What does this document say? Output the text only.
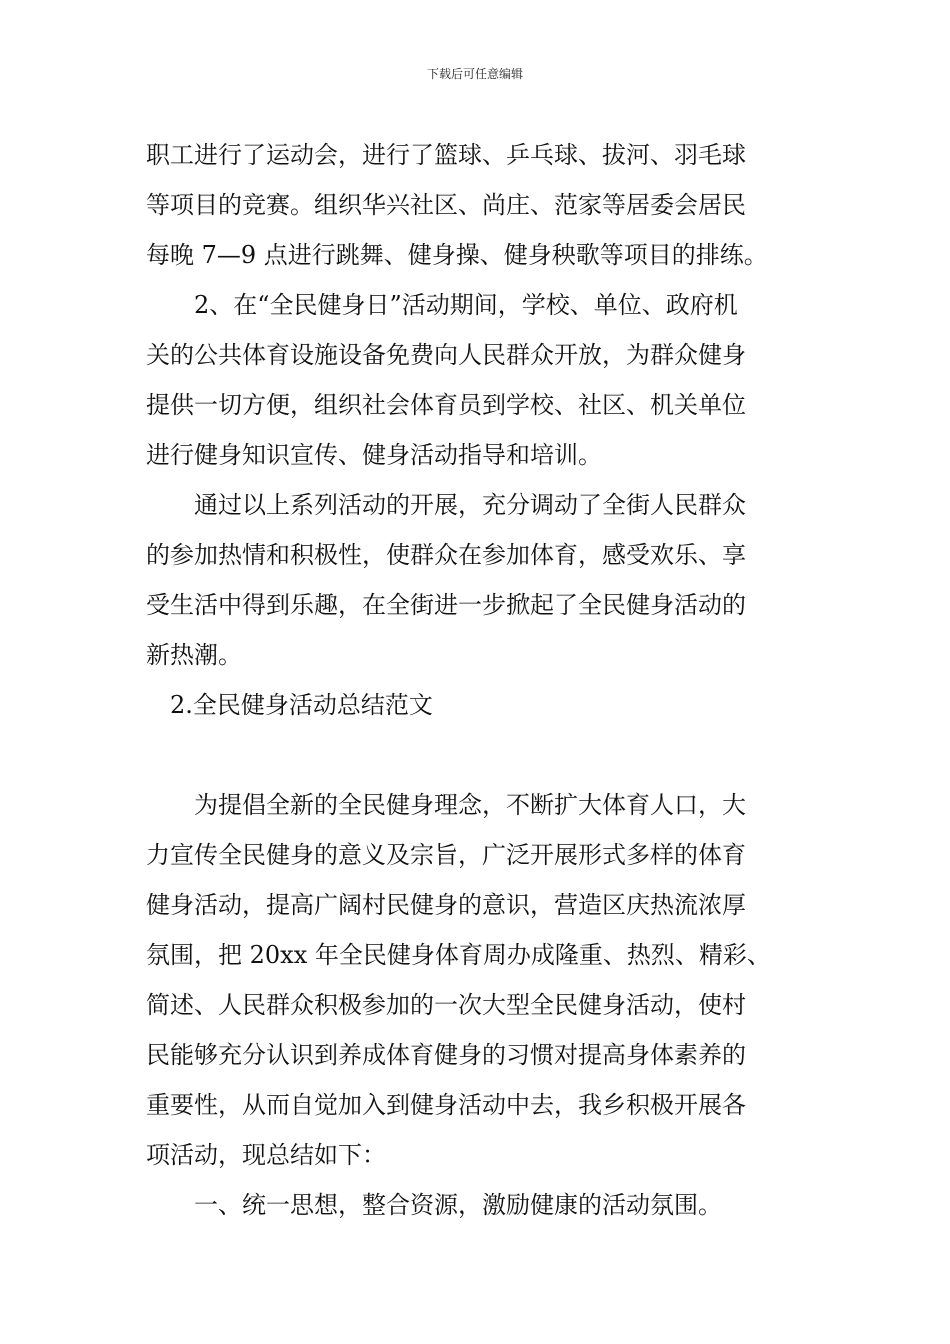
下载后可任意编辑
职工进行了运动会，进行了篮球、乒乓球、拔河、羽毛球
等项目的竞赛。组织华兴社区、尚庄、范家等居委会居民
每晚 7—9 点进行跳舞、健身操、健身秧歌等项目的排练。
2、在“全民健身日”活动期间，学校、单位、政府机
关的公共体育设施设备免费向人民群众开放，为群众健身
提供一切方便，组织社会体育员到学校、社区、机关单位
进行健身知识宣传、健身活动指导和培训。
通过以上系列活动的开展，充分调动了全街人民群众
的参加热情和积极性，使群众在参加体育，感受欢乐、享
受生活中得到乐趣，在全街进一步掀起了全民健身活动的
新热潮。
2.全民健身活动总结范文
为提倡全新的全民健身理念，不断扩大体育人口，大
力宣传全民健身的意义及宗旨，广泛开展形式多样的体育
健身活动，提高广阔村民健身的意识，营造区庆热流浓厚
氛围，把 20xx 年全民健身体育周办成隆重、热烈、精彩、
简述、人民群众积极参加的一次大型全民健身活动，使村
民能够充分认识到养成体育健身的习惯对提高身体素养的
重要性，从而自觉加入到健身活动中去，我乡积极开展各
项活动，现总结如下：
一、统一思想，整合资源，激励健康的活动氛围。
